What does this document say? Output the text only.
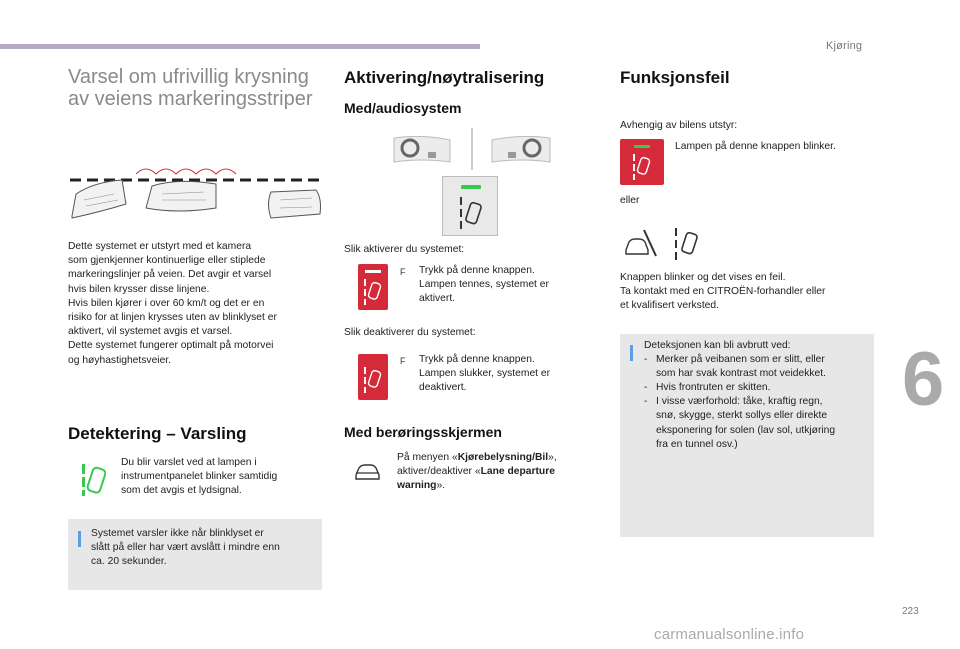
Kjøring
6
223
carmanualsonline.info
Varsel om ufrivillig krysning
av veiens markeringsstriper
Dette systemet er utstyrt med et kamera
som gjenkjenner kontinuerlige eller stiplede
markeringslinjer på veien. Det avgir et varsel
hvis bilen krysser disse linjene.
Hvis bilen kjører i over 60 km/t og det er en
risiko for at linjen krysses uten av blinklyset er
aktivert, vil systemet avgis et varsel.
Dette systemet fungerer optimalt på motorvei
og høyhastighetsveier.
Detektering – Varsling
Du blir varslet ved at lampen i
instrumentpanelet blinker samtidig
som det avgis et lydsignal.
Systemet varsler ikke når blinklyset er
slått på eller har vært avslått i mindre enn
ca. 20 sekunder.
Aktivering/nøytralisering
Med/audiosystem
Slik aktiverer du systemet:
F Trykk på denne knappen.
Lampen tennes, systemet er
aktivert.
Slik deaktiverer du systemet:
F Trykk på denne knappen.
Lampen slukker, systemet er
deaktivert.
Med berøringsskjermen
På menyen «Kjørebelysning/Bil»,
aktiver/deaktiver «Lane departure
warning».
Funksjonsfeil
Avhengig av bilens utstyr:
Lampen på denne knappen blinker.
eller
Knappen blinker og det vises en feil.
Ta kontakt med en CITROËN-forhandler eller
et kvalifisert verksted.
Deteksjonen kan bli avbrutt ved:
- Merker på veibanen som er slitt, eller
som har svak kontrast mot veidekket.
- Hvis frontruten er skitten.
- I visse værforhold: tåke, kraftig regn,
snø, skygge, sterkt sollys eller direkte
eksponering for solen (lav sol, utkjøring
fra en tunnel osv.)
